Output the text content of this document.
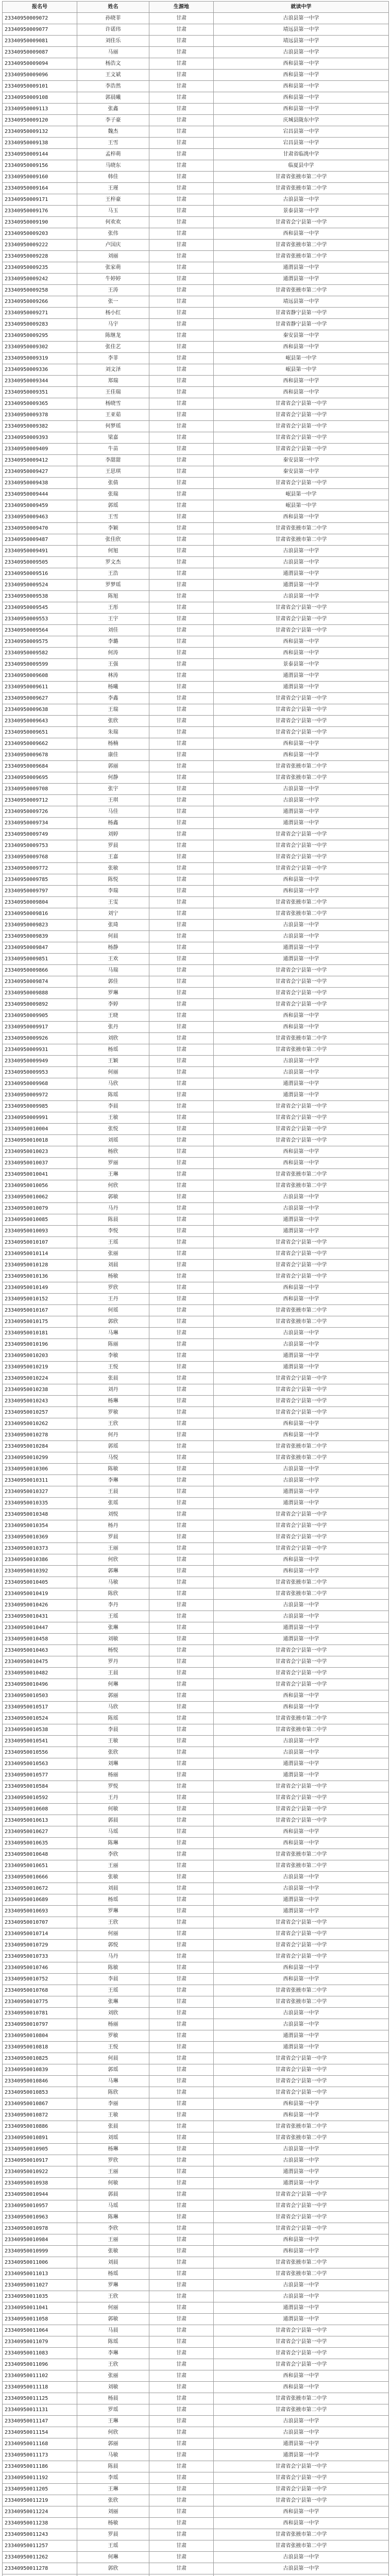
报名号	姓名	生源地	就读中学
23340950009072	孙晓菲	甘肃	古浪县第一中学
23340950009077	许诺玮	甘肃	靖远县第一中学
23340950009081	刘佳乐	甘肃	靖远县第一中学
23340950009087	马丽	甘肃	古浪县第一中学
23340950009094	杨浩文	甘肃	西和县第一中学
23340950009096	王文斌	甘肃	西和县第一中学
23340950009101	李浩然	甘肃	西和县第一中学
23340950009108	郭晨曦	甘肃	西和县第一中学
23340950009113	张鑫	甘肃	西和县第一中学
23340950009120	李子豪	甘肃	庆城县陇东中学
23340950009132	魏杰	甘肃	宕昌县第一中学
23340950009138	王雪	甘肃	宕昌县第一中学
23340950009144	孟梓萌	甘肃	甘肃省临洮中学
23340950009156	马晓东	甘肃	临夏县中学
23340950009160	韩佳	甘肃	甘肃省张掖市第二中学
23340950009164	王瑾	甘肃	甘肃省张掖市第二中学
23340950009171	王梓豪	甘肃	古浪县第一中学
23340950009176	马玉	甘肃	景泰县第一中学
23340950009190	何欢欢	甘肃	甘肃省会宁县第一中学
23340950009203	张伟	甘肃	西和县第一中学
23340950009222	卢国庆	甘肃	甘肃省张掖市第二中学
23340950009228	刘丽	甘肃	甘肃省张掖市第二中学
23340950009235	张家萌	甘肃	通渭县第一中学
23340950009242	牛婷婷	甘肃	通渭县第一中学
23340950009258	王涛	甘肃	甘肃省张掖市第二中学
23340950009266	张一	甘肃	靖远县第一中学
23340950009271	杨小红	甘肃	甘肃省静宁县第一中学
23340950009283	马宇	甘肃	甘肃省静宁县第一中学
23340950009295	陈继龙	甘肃	秦安县第一中学
23340950009302	张佳艺	甘肃	西和县第一中学
23340950009319	李菲	甘肃	岷县第一中学
23340950009336	刘文泽	甘肃	岷县第一中学
23340950009344	郑瑞	甘肃	西和县第一中学
23340950009351	王佳瑞	甘肃	西和县第一中学
23340950009365	杨晓雪	甘肃	甘肃省会宁县第一中学
23340950009378	王亚茹	甘肃	甘肃省会宁县第一中学
23340950009382	何梦瑶	甘肃	甘肃省会宁县第一中学
23340950009393	梁嘉	甘肃	甘肃省会宁县第一中学
23340950009409	牛苗	甘肃	甘肃省会宁县第一中学
23340950009412	李甜甜	甘肃	秦安县第一中学
23340950009427	王思琪	甘肃	秦安县第一中学
23340950009438	张倩	甘肃	甘肃省会宁县第一中学
23340950009444	张瑞	甘肃	岷县第一中学
23340950009459	郭瑶	甘肃	岷县第一中学
23340950009463	王雪	甘肃	西和县第一中学
23340950009470	李颖	甘肃	甘肃省张掖市第二中学
23340950009487	张佳欣	甘肃	甘肃省张掖市第二中学
23340950009491	何旭	甘肃	古浪县第一中学
23340950009505	罗文杰	甘肃	古浪县第一中学
23340950009516	王浩	甘肃	通渭县第一中学
23340950009524	罗梦瑶	甘肃	通渭县第一中学
23340950009538	陈旭	甘肃	古浪县第一中学
23340950009545	王彤	甘肃	甘肃省会宁县第一中学
23340950009553	王宇	甘肃	甘肃省会宁县第一中学
23340950009564	刘佳	甘肃	甘肃省会宁县第一中学
23340950009575	李璐	甘肃	西和县第一中学
23340950009582	何涛	甘肃	西和县第一中学
23340950009599	王强	甘肃	景泰县第一中学
23340950009608	林涛	甘肃	通渭县第一中学
23340950009611	杨曦	甘肃	通渭县第一中学
23340950009627	李鑫	甘肃	甘肃省会宁县第一中学
23340950009638	王瑞	甘肃	甘肃省会宁县第一中学
23340950009643	张欣	甘肃	甘肃省会宁县第一中学
23340950009651	朱瑞	甘肃	甘肃省会宁县第一中学
23340950009662	杨楠	甘肃	西和县第一中学
23340950009678	康佳	甘肃	西和县第一中学
23340950009684	郭丽	甘肃	甘肃省张掖市第二中学
23340950009695	何静	甘肃	甘肃省张掖市第二中学
23340950009708	张宇	甘肃	古浪县第一中学
23340950009712	王琪	甘肃	古浪县第一中学
23340950009726	马佳	甘肃	通渭县第一中学
23340950009734	杨鑫	甘肃	通渭县第一中学
23340950009749	刘婷	甘肃	甘肃省会宁县第一中学
23340950009753	罗晨	甘肃	甘肃省会宁县第一中学
23340950009768	王嘉	甘肃	甘肃省会宁县第一中学
23340950009772	张敏	甘肃	甘肃省会宁县第一中学
23340950009785	陈悦	甘肃	西和县第一中学
23340950009797	李瑞	甘肃	西和县第一中学
23340950009804	王雯	甘肃	甘肃省张掖市第二中学
23340950009816	刘宁	甘肃	甘肃省张掖市第二中学
23340950009823	张琦	甘肃	古浪县第一中学
23340950009839	何晨	甘肃	古浪县第一中学
23340950009847	杨静	甘肃	通渭县第一中学
23340950009851	王欢	甘肃	通渭县第一中学
23340950009866	马瑞	甘肃	甘肃省会宁县第一中学
23340950009874	郭佳	甘肃	甘肃省会宁县第一中学
23340950009888	罗琳	甘肃	甘肃省会宁县第一中学
23340950009892	李婷	甘肃	甘肃省会宁县第一中学
23340950009905	王晓	甘肃	西和县第一中学
23340950009917	张丹	甘肃	西和县第一中学
23340950009926	刘欣	甘肃	甘肃省张掖市第二中学
23340950009931	杨瑶	甘肃	甘肃省张掖市第二中学
23340950009949	王颖	甘肃	古浪县第一中学
23340950009953	何丽	甘肃	古浪县第一中学
23340950009968	马欣	甘肃	通渭县第一中学
23340950009972	陈瑶	甘肃	通渭县第一中学
23340950009985	李晨	甘肃	甘肃省会宁县第一中学
23340950009991	王敏	甘肃	甘肃省会宁县第一中学
23340950010004	张悦	甘肃	甘肃省会宁县第一中学
23340950010018	刘瑶	甘肃	甘肃省会宁县第一中学
23340950010023	杨欣	甘肃	西和县第一中学
23340950010037	罗丽	甘肃	西和县第一中学
23340950010041	王琳	甘肃	甘肃省张掖市第二中学
23340950010056	何欣	甘肃	甘肃省张掖市第二中学
23340950010062	郭敏	甘肃	古浪县第一中学
23340950010079	马丹	甘肃	古浪县第一中学
23340950010085	陈晨	甘肃	通渭县第一中学
23340950010093	李悦	甘肃	通渭县第一中学
23340950010107	王瑶	甘肃	甘肃省会宁县第一中学
23340950010114	张丽	甘肃	甘肃省会宁县第一中学
23340950010128	刘晨	甘肃	甘肃省会宁县第一中学
23340950010136	杨敏	甘肃	甘肃省会宁县第一中学
23340950010149	罗欣	甘肃	西和县第一中学
23340950010152	王丹	甘肃	西和县第一中学
23340950010167	何瑶	甘肃	甘肃省张掖市第二中学
23340950010175	郭欣	甘肃	甘肃省张掖市第二中学
23340950010181	马琳	甘肃	古浪县第一中学
23340950010196	陈丽	甘肃	古浪县第一中学
23340950010203	李敏	甘肃	通渭县第一中学
23340950010219	王悦	甘肃	通渭县第一中学
23340950010224	张晨	甘肃	甘肃省会宁县第一中学
23340950010238	刘丹	甘肃	甘肃省会宁县第一中学
23340950010243	杨琳	甘肃	甘肃省会宁县第一中学
23340950010257	罗敏	甘肃	甘肃省会宁县第一中学
23340950010262	王欣	甘肃	西和县第一中学
23340950010278	何丹	甘肃	西和县第一中学
23340950010284	郭瑶	甘肃	甘肃省张掖市第二中学
23340950010299	马悦	甘肃	甘肃省张掖市第二中学
23340950010306	陈敏	甘肃	古浪县第一中学
23340950010311	李琳	甘肃	古浪县第一中学
23340950010327	王晨	甘肃	通渭县第一中学
23340950010335	张瑶	甘肃	通渭县第一中学
23340950010348	刘悦	甘肃	甘肃省会宁县第一中学
23340950010354	杨丹	甘肃	甘肃省会宁县第一中学
23340950010369	罗晨	甘肃	甘肃省会宁县第一中学
23340950010373	王丽	甘肃	甘肃省会宁县第一中学
23340950010386	何欣	甘肃	西和县第一中学
23340950010392	郭琳	甘肃	西和县第一中学
23340950010405	马敏	甘肃	甘肃省张掖市第二中学
23340950010419	陈欣	甘肃	甘肃省张掖市第二中学
23340950010426	李丹	甘肃	古浪县第一中学
23340950010431	王瑶	甘肃	古浪县第一中学
23340950010447	张琳	甘肃	通渭县第一中学
23340950010458	刘敏	甘肃	通渭县第一中学
23340950010463	杨悦	甘肃	甘肃省会宁县第一中学
23340950010475	罗丹	甘肃	甘肃省会宁县第一中学
23340950010482	王晨	甘肃	甘肃省会宁县第一中学
23340950010496	何琳	甘肃	甘肃省会宁县第一中学
23340950010503	郭丽	甘肃	西和县第一中学
23340950010517	马欣	甘肃	西和县第一中学
23340950010524	陈瑶	甘肃	甘肃省张掖市第二中学
23340950010538	李晨	甘肃	甘肃省张掖市第二中学
23340950010541	王敏	甘肃	古浪县第一中学
23340950010556	张欣	甘肃	古浪县第一中学
23340950010563	刘琳	甘肃	通渭县第一中学
23340950010577	杨丽	甘肃	通渭县第一中学
23340950010584	罗悦	甘肃	甘肃省会宁县第一中学
23340950010592	王丹	甘肃	甘肃省会宁县第一中学
23340950010608	何敏	甘肃	甘肃省会宁县第一中学
23340950010613	郭晨	甘肃	甘肃省会宁县第一中学
23340950010627	马瑶	甘肃	西和县第一中学
23340950010635	陈琳	甘肃	西和县第一中学
23340950010648	李欣	甘肃	甘肃省张掖市第二中学
23340950010651	王丽	甘肃	甘肃省张掖市第二中学
23340950010666	张敏	甘肃	古浪县第一中学
23340950010672	刘晨	甘肃	古浪县第一中学
23340950010689	杨瑶	甘肃	通渭县第一中学
23340950010693	罗琳	甘肃	通渭县第一中学
23340950010707	王欣	甘肃	甘肃省会宁县第一中学
23340950010714	何丽	甘肃	甘肃省会宁县第一中学
23340950010729	郭悦	甘肃	甘肃省会宁县第一中学
23340950010733	马丹	甘肃	甘肃省会宁县第一中学
23340950010746	陈敏	甘肃	西和县第一中学
23340950010752	李晨	甘肃	西和县第一中学
23340950010768	王瑶	甘肃	甘肃省张掖市第二中学
23340950010775	张琳	甘肃	甘肃省张掖市第二中学
23340950010781	刘欣	甘肃	古浪县第一中学
23340950010797	杨丽	甘肃	古浪县第一中学
23340950010804	罗敏	甘肃	通渭县第一中学
23340950010818	王悦	甘肃	通渭县第一中学
23340950010825	何晨	甘肃	甘肃省会宁县第一中学
23340950010839	郭瑶	甘肃	甘肃省会宁县第一中学
23340950010846	马琳	甘肃	甘肃省会宁县第一中学
23340950010853	陈欣	甘肃	甘肃省会宁县第一中学
23340950010867	李丽	甘肃	西和县第一中学
23340950010872	王敏	甘肃	西和县第一中学
23340950010886	张晨	甘肃	甘肃省张掖市第二中学
23340950010891	刘瑶	甘肃	甘肃省张掖市第二中学
23340950010905	杨琳	甘肃	古浪县第一中学
23340950010917	罗欣	甘肃	古浪县第一中学
23340950010922	王丽	甘肃	通渭县第一中学
23340950010938	何敏	甘肃	通渭县第一中学
23340950010944	郭晨	甘肃	甘肃省会宁县第一中学
23340950010957	马瑶	甘肃	甘肃省会宁县第一中学
23340950010963	陈琳	甘肃	甘肃省会宁县第一中学
23340950010978	李欣	甘肃	甘肃省会宁县第一中学
23340950010984	王丽	甘肃	西和县第一中学
23340950010999	张敏	甘肃	西和县第一中学
23340950011006	刘晨	甘肃	甘肃省张掖市第二中学
23340950011013	杨瑶	甘肃	甘肃省张掖市第二中学
23340950011027	罗琳	甘肃	古浪县第一中学
23340950011035	王欣	甘肃	古浪县第一中学
23340950011041	何丽	甘肃	通渭县第一中学
23340950011058	郭敏	甘肃	通渭县第一中学
23340950011064	马晨	甘肃	甘肃省会宁县第一中学
23340950011079	陈瑶	甘肃	甘肃省会宁县第一中学
23340950011083	李琳	甘肃	甘肃省会宁县第一中学
23340950011096	王欣	甘肃	甘肃省会宁县第一中学
23340950011102	张丽	甘肃	西和县第一中学
23340950011118	刘敏	甘肃	西和县第一中学
23340950011125	杨晨	甘肃	甘肃省张掖市第二中学
23340950011131	罗瑶	甘肃	甘肃省张掖市第二中学
23340950011147	王琳	甘肃	古浪县第一中学
23340950011154	何欣	甘肃	古浪县第一中学
23340950011168	郭丽	甘肃	通渭县第一中学
23340950011173	马敏	甘肃	通渭县第一中学
23340950011186	陈晨	甘肃	甘肃省会宁县第一中学
23340950011192	李瑶	甘肃	甘肃省会宁县第一中学
23340950011205	王琳	甘肃	甘肃省会宁县第一中学
23340950011219	张欣	甘肃	甘肃省会宁县第一中学
23340950011224	刘丽	甘肃	西和县第一中学
23340950011238	杨敏	甘肃	西和县第一中学
23340950011243	罗晨	甘肃	甘肃省张掖市第二中学
23340950011257	王瑶	甘肃	甘肃省张掖市第二中学
23340950011262	何琳	甘肃	古浪县第一中学
23340950011278	郭欣	甘肃	古浪县第一中学
